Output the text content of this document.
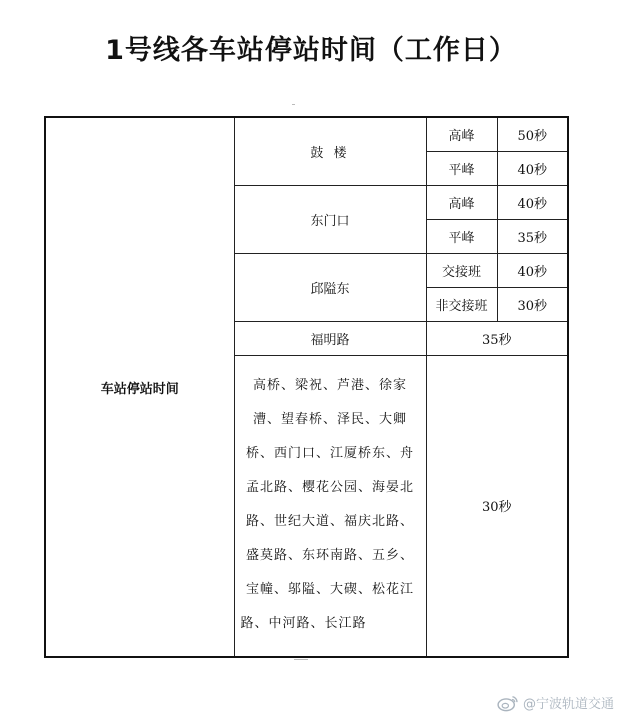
1号线各车站停站时间（工作日）
车站停站时间	鼓 楼	高峰	50秒
		平峰	40秒
	东门口	高峰	40秒
		平峰	35秒
	邱隘东	交接班	40秒
		非交接班	30秒
	福明路	35秒	
	高桥、梁祝、芦港、徐家漕、望春桥、泽民、大卿桥、西门口、江厦桥东、舟孟北路、樱花公园、海晏北路、世纪大道、福庆北路、盛莫路、东环南路、五乡、宝幢、邬隘、大碶、松花江路、中河路、长江路	30秒	
@宁波轨道交通
